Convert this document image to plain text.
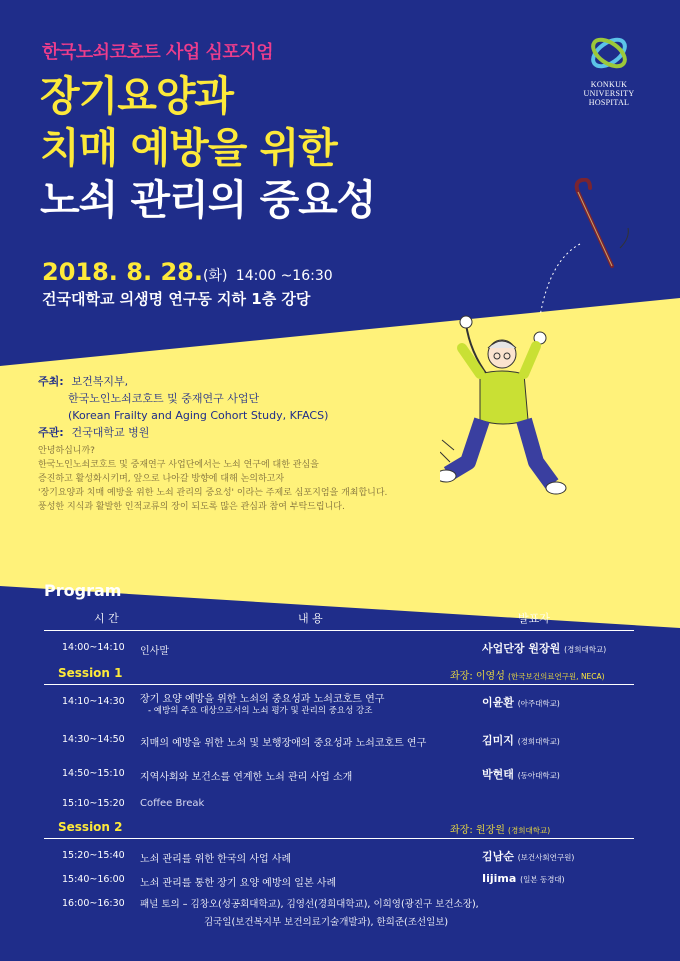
한국노쇠코호트 사업 심포지엄
장기요양과
치매 예방을 위한
노쇠 관리의 중요성
2018. 8. 28.(화) 14:00 ~16:30
건국대학교 의생명 연구동 지하 1층 강당
KONKUK
UNIVERSITY
HOSPITAL
주최: 보건복지부,
한국노인노쇠코호트 및 중재연구 사업단
(Korean Frailty and Aging Cohort Study, KFACS)
주관: 건국대학교 병원
안녕하십니까?
한국노인노쇠코호트 및 중재연구 사업단에서는 노쇠 연구에 대한 관심을
증진하고 활성화시키며, 앞으로 나아갈 방향에 대해 논의하고자
'장기요양과 치매 예방을 위한 노쇠 관리의 중요성' 이라는 주제로 심포지엄을 개최합니다.
풍성한 지식과 활발한 인적교류의 장이 되도록 많은 관심과 참여 부탁드립니다.
Program
시 간	내 용	발표자
14:00~14:10 인사말	사업단장 원장원 (경희대학교)
Session 1	좌장: 이영성 (한국보건의료연구원, NECA)
14:10~14:30 장기 요양 예방을 위한 노쇠의 중요성과 노쇠코호트 연구
- 예방의 주요 대상으로서의 노쇠 평가 및 관리의 중요성 강조
이윤환 (아주대학교)
14:30~14:50 치매의 예방을 위한 노쇠 및 보행장애의 중요성과 노쇠코호트 연구	김미지 (경희대학교)
14:50~15:10 지역사회와 보건소를 연계한 노쇠 관리 사업 소개	박현태 (동아대학교)
15:10~15:20 Coffee Break
Session 2	좌장: 원장원 (경희대학교)
15:20~15:40 노쇠 관리를 위한 한국의 사업 사례	김남순 (보건사회연구원)
15:40~16:00 노쇠 관리를 통한 장기 요양 예방의 일본 사례	Iijima (일본 동경대)
16:00~16:30 패널 토의 – 김창오(성공회대학교), 김영선(경희대학교), 이희영(광진구 보건소장),
김국일(보건복지부 보건의료기술개발과), 한희준(조선일보)
